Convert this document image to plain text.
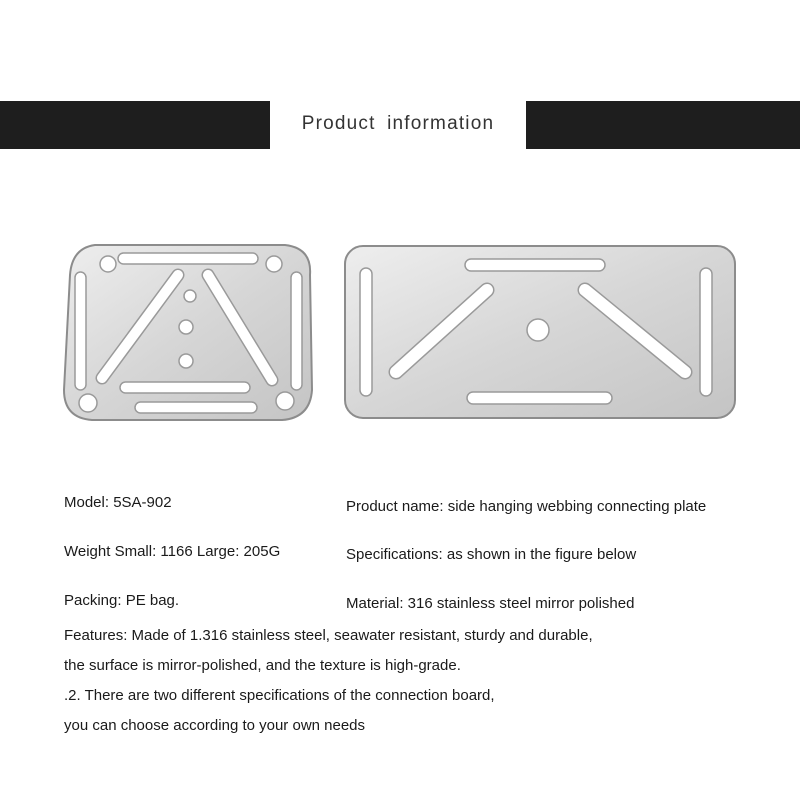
Product information
Model: 5SA-902
Weight Small: 1166 Large: 205G
Packing: PE bag.
Product name: side hanging webbing connecting plate
Specifications: as shown in the figure below
Material: 316 stainless steel mirror polished
Features: Made of 1.316 stainless steel, seawater resistant, sturdy and durable,
the surface is mirror-polished, and the texture is high-grade.
.2. There are two different specifications of the connection board,
you can choose according to your own needs
